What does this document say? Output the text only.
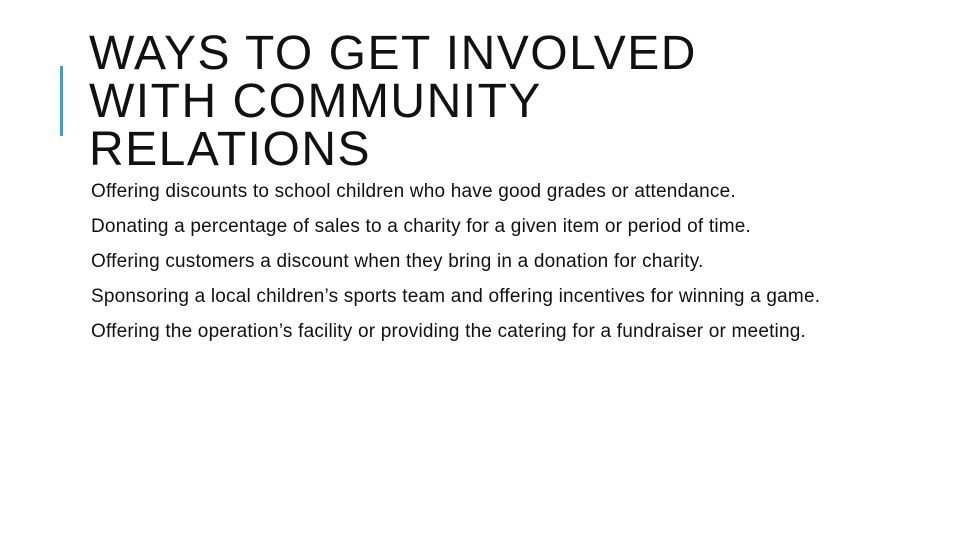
WAYS TO GET INVOLVED
WITH COMMUNITY
RELATIONS
Offering discounts to school children who have good grades or attendance.
Donating a percentage of sales to a charity for a given item or period of time.
Offering customers a discount when they bring in a donation for charity.
Sponsoring a local children’s sports team and offering incentives for winning a game.
Offering the operation’s facility or providing the catering for a fundraiser or meeting.
